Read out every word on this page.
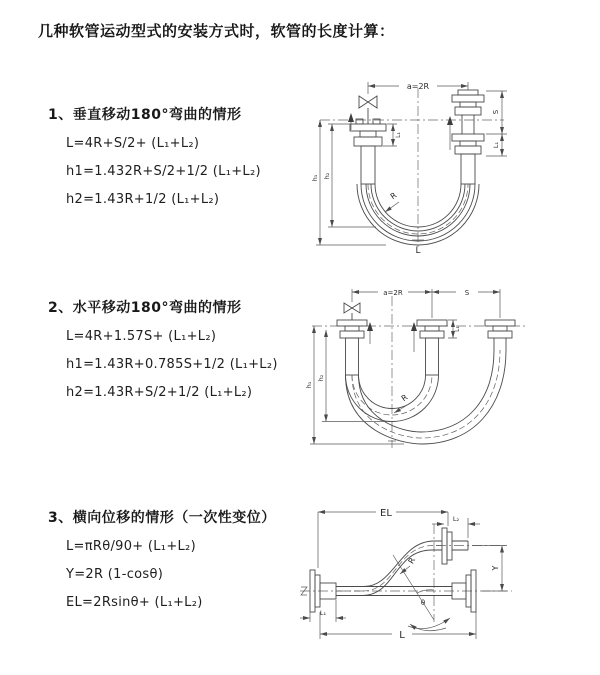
几种软管运动型式的安装方式时，软管的长度计算：

1、垂直移动180°弯曲的情形

L=4R+S/2+ (L₁+L₂)

h1=1.432R+S/2+1/2 (L₁+L₂)

h2=1.43R+1/2 (L₁+L₂)

2、水平移动180°弯曲的情形

L=4R+1.57S+ (L₁+L₂)

h1=1.43R+0.785S+1/2 (L₁+L₂)

h2=1.43R+S/2+1/2 (L₁+L₂)

3、横向位移的情形（一次性变位）

L=πRθ/90+ (L₁+L₂)

Y=2R (1-cosθ)

EL=2Rsinθ+ (L₁+L₂)

a=2R
S
L₁
L₁
h₁ h₂
R
L
a=2R	S
h₁
h₂
L₁
R
EL	L₂
Y
R
θ
L
L₁
